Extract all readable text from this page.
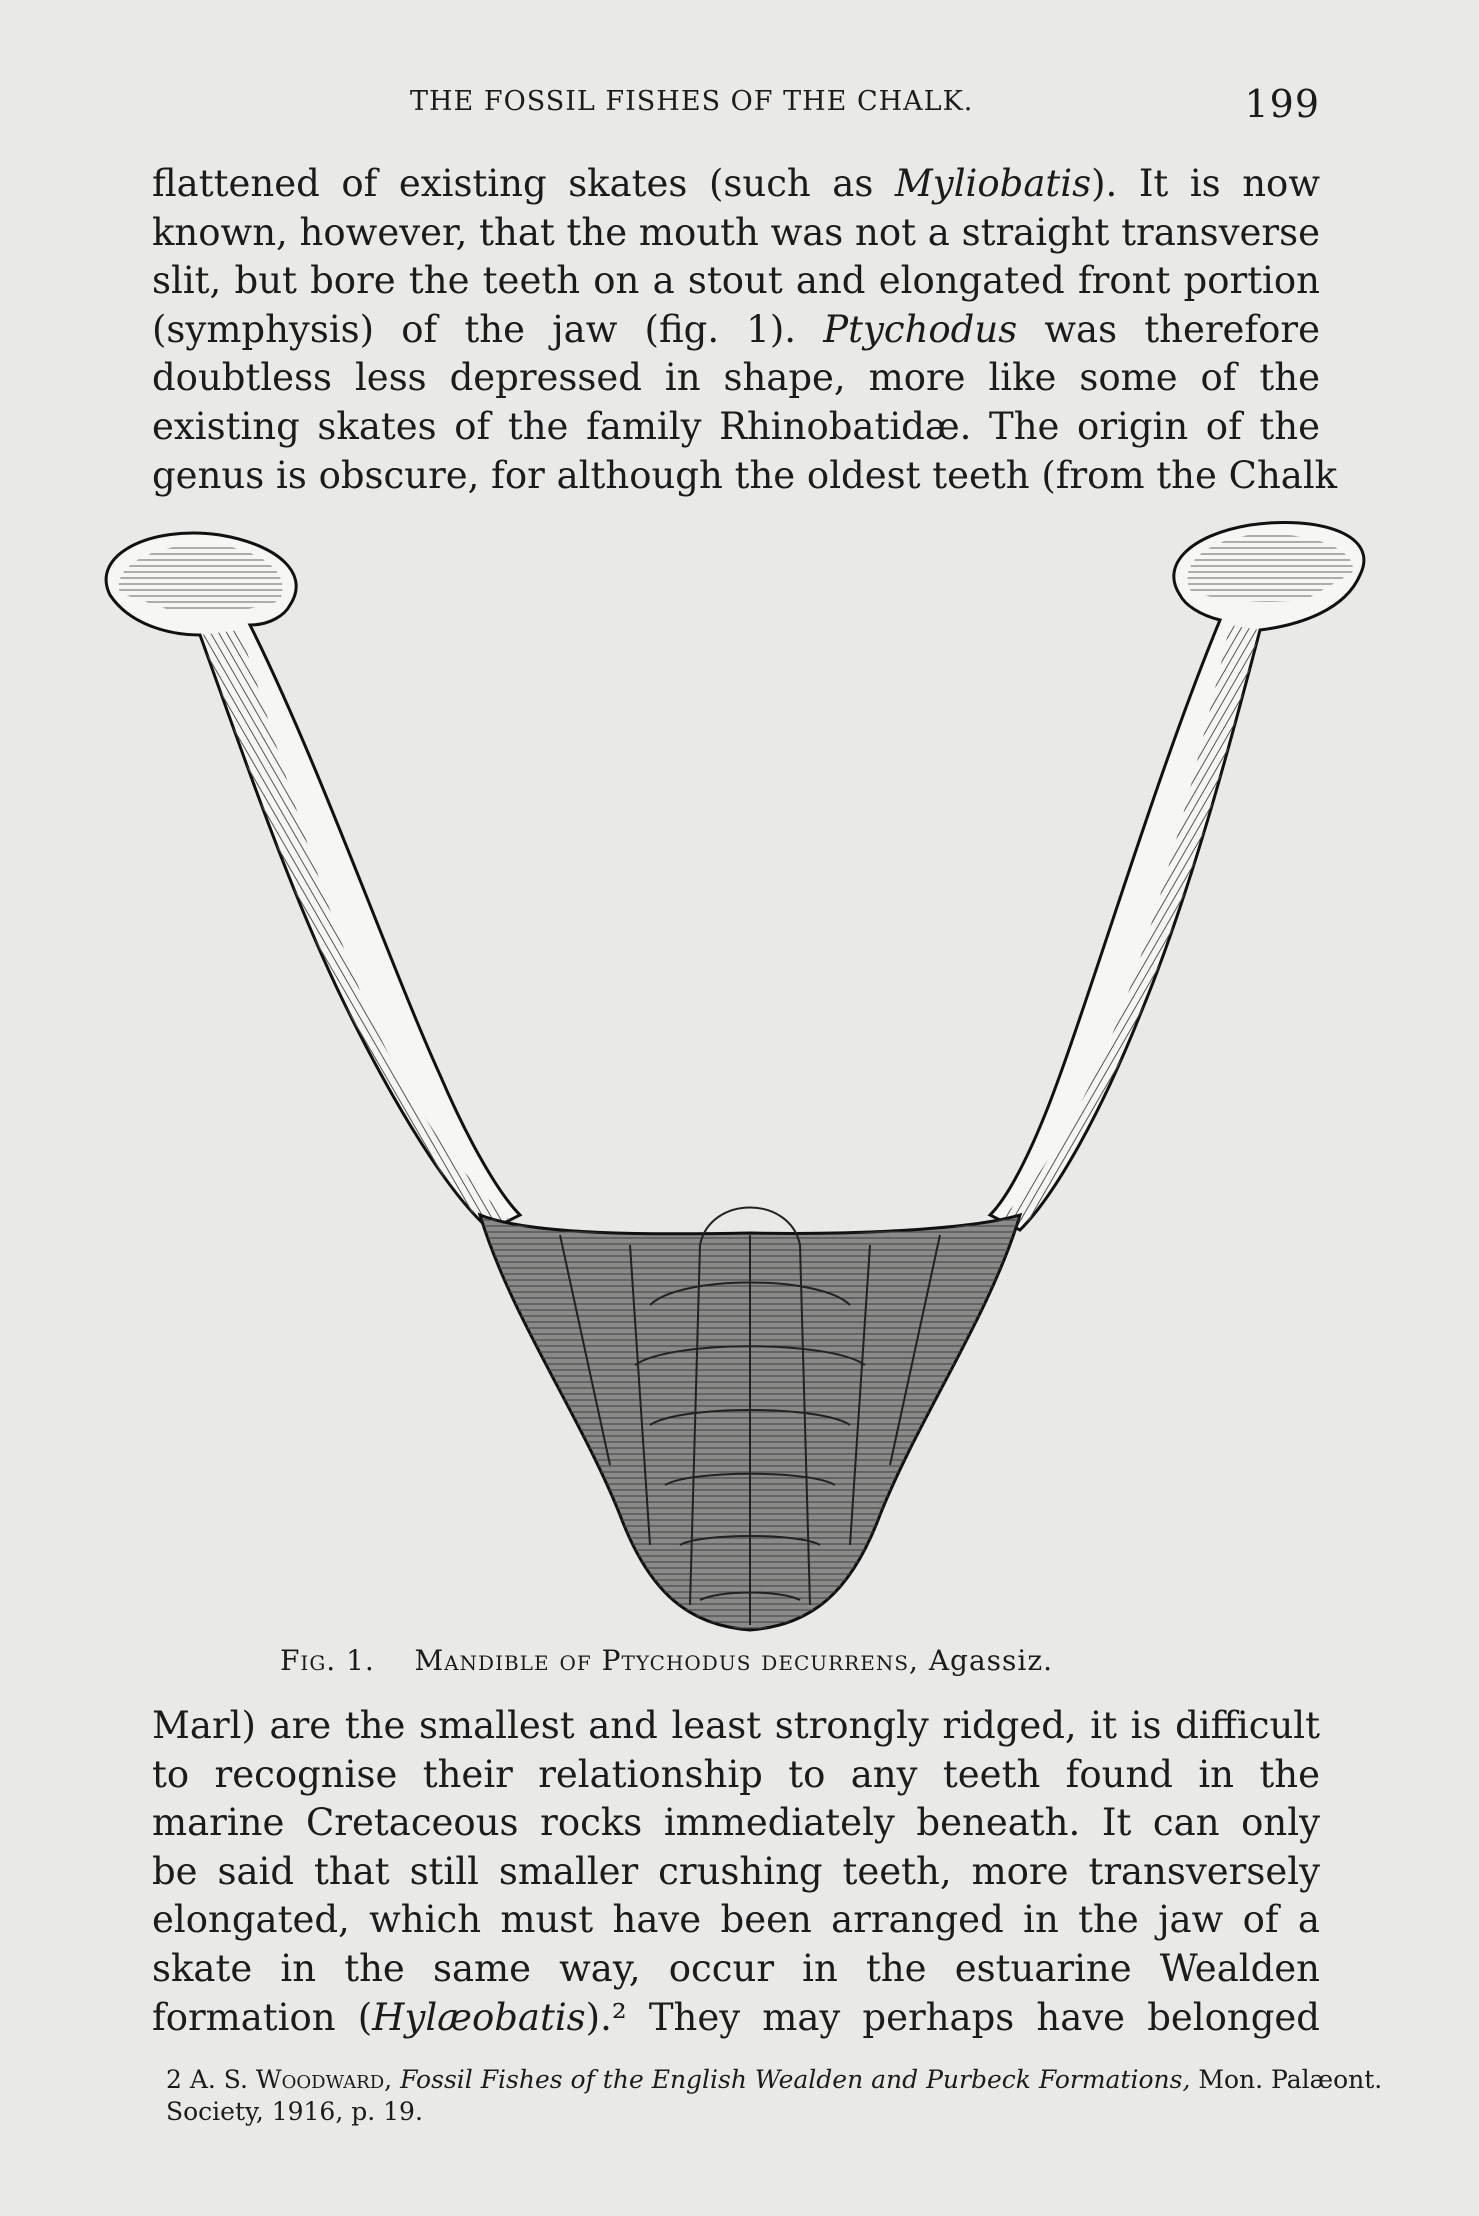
THE FOSSIL FISHES OF THE CHALK.	199
flattened of existing skates (such as Myliobatis). It is now
known, however, that the mouth was not a straight transverse
slit, but bore the teeth on a stout and elongated front portion
(symphysis) of the jaw (fig. 1). Ptychodus was therefore
doubtless less depressed in shape, more like some of the
existing skates of the family Rhinobatidæ. The origin of the
genus is obscure, for although the oldest teeth (from the Chalk
Fig. 1. Mandible of Ptychodus decurrens, Agassiz.
Marl) are the smallest and least strongly ridged, it is difficult
to recognise their relationship to any teeth found in the
marine Cretaceous rocks immediately beneath. It can only
be said that still smaller crushing teeth, more transversely
elongated, which must have been arranged in the jaw of a
skate in the same way, occur in the estuarine Wealden
formation (Hylæobatis).² They may perhaps have belonged
2 A. S. Woodward, Fossil Fishes of the English Wealden and Purbeck Formations, Mon. Palæont.
Society, 1916, p. 19.
